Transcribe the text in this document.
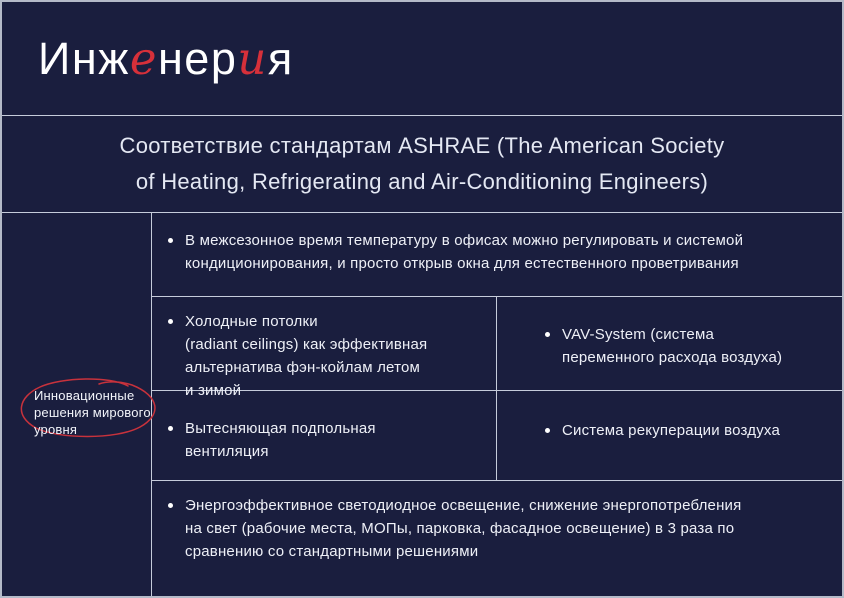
Инженерия
Соответствие стандартам ASHRAE (The American Society
of Heating, Refrigerating and Air-Conditioning Engineers)
Инновационные
решения мирового
уровня
В межсезонное время температуру в офисах можно регулировать и системой
кондиционирования, и просто открыв окна для естественного проветривания
Холодные потолки
(radiant ceilings) как эффективная
альтернатива фэн-койлам летом
и зимой
VAV-System (система
переменного расхода воздуха)
Вытесняющая подпольная
вентиляция
Система рекуперации воздуха
Энергоэффективное светодиодное освещение, снижение энергопотребления
на свет (рабочие места, МОПы, парковка, фасадное освещение) в 3 раза по
сравнению со стандартными решениями
